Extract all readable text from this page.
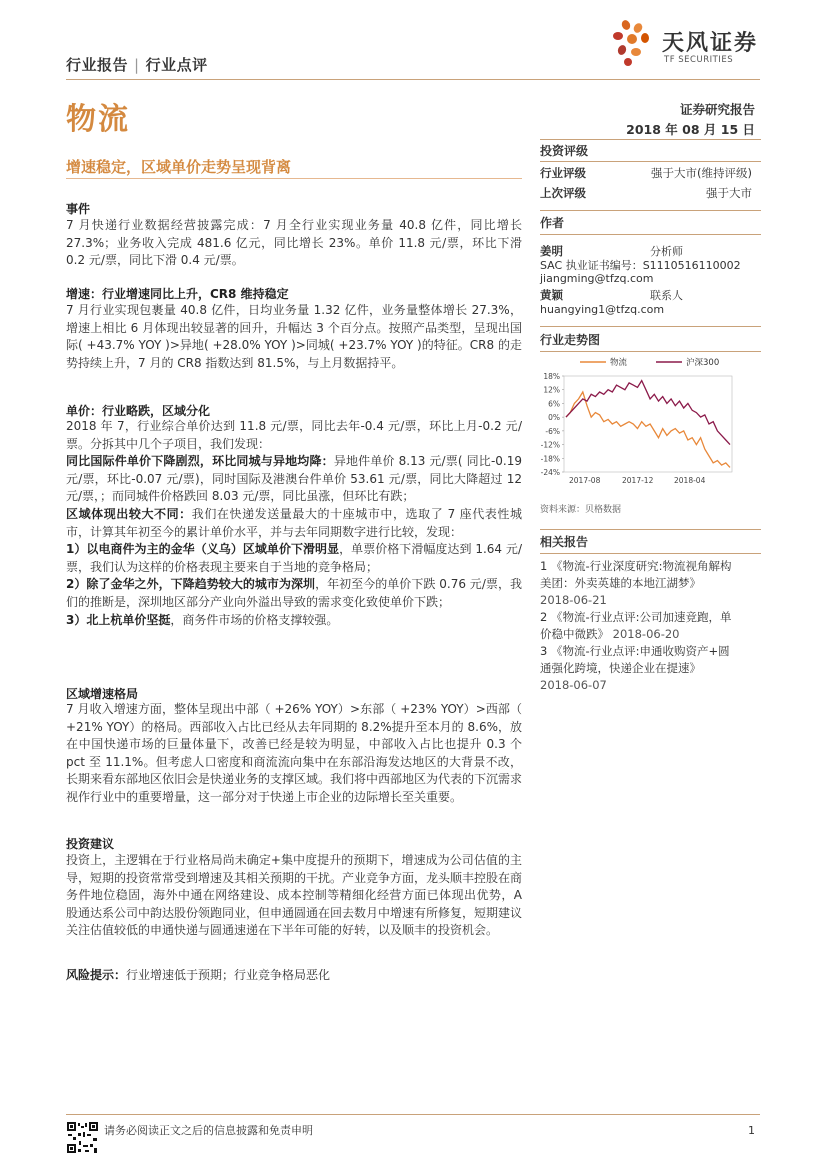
行业报告 | 行业点评
天风证券
TF SECURITIES
物流	证券研究报告
2018 年 08 月 15 日
增速稳定，区域单价走势呈现背离
投资评级
行业评级	强于大市(维持评级)
上次评级	强于大市
作者
姜明	分析师
SAC 执业证书编号：S1110516110002
jiangming@tfzq.com
黄颖	联系人
huangying1@tfzq.com
行业走势图
18%
12%
6%
0%
-6%
-12%
-18%
-24%
2017-08	2017-12	2018-04
物流	沪深300
资料来源：贝格数据
相关报告
1 《物流-行业深度研究:物流视角解构
美团：外卖英雄的本地江湖梦》
2018-06-21
2 《物流-行业点评:公司加速竞跑，单
价稳中微跌》 2018-06-20
3 《物流-行业点评:申通收购资产+圆
通强化跨境，快递企业在提速》
2018-06-07
事件
7 月快递行业数据经营披露完成：7 月全行业实现业务量 40.8 亿件，同比增长 27.3%；业务收入完成 481.6 亿元，同比增长 23%。单价 11.8 元/票，环比下滑 0.2 元/票，同比下滑 0.4 元/票。
增速：行业增速同比上升，CR8 维持稳定
7 月行业实现包裹量 40.8 亿件，日均业务量 1.32 亿件，业务量整体增长 27.3%，增速上相比 6 月体现出较显著的回升，升幅达 3 个百分点。按照产品类型，呈现出国际( +43.7% YOY )>异地( +28.0% YOY )>同城( +23.7% YOY )的特征。CR8 的走势持续上升，7 月的 CR8 指数达到 81.5%，与上月数据持平。
单价：行业略跌，区域分化
2018 年 7，行业综合单价达到 11.8 元/票，同比去年-0.4 元/票，环比上月-0.2 元/票。分拆其中几个子项目，我们发现：
同比国际件单价下降剧烈，环比同城与异地均降：异地件单价 8.13 元/票( 同比-0.19 元/票，环比-0.07 元/票)，同时国际及港澳台件单价 53.61 元/票，同比大降超过 12 元/票，；而同城件价格跌回 8.03 元/票，同比虽涨，但环比有跌；
区域体现出较大不同：我们在快递发送量最大的十座城市中，选取了 7 座代表性城市，计算其年初至今的累计单价水平，并与去年同期数字进行比较，发现：
1）以电商件为主的金华（义乌）区域单价下滑明显，单票价格下滑幅度达到 1.64 元/票，我们认为这样的价格表现主要来自于当地的竞争格局；
2）除了金华之外，下降趋势较大的城市为深圳，年初至今的单价下跌 0.76 元/票，我们的推断是，深圳地区部分产业向外溢出导致的需求变化致使单价下跌；
3）北上杭单价坚挺，商务件市场的价格支撑较强。
区域增速格局
7 月收入增速方面，整体呈现出中部（ +26% YOY）>东部（ +23% YOY）>西部（ +21% YOY）的格局。西部收入占比已经从去年同期的 8.2%提升至本月的 8.6%，放在中国快递市场的巨量体量下，改善已经是较为明显，中部收入占比也提升 0.3 个 pct 至 11.1%。但考虑人口密度和商流流向集中在东部沿海发达地区的大背景不改，长期来看东部地区依旧会是快递业务的支撑区域。我们将中西部地区为代表的下沉需求视作行业中的重要增量，这一部分对于快递上市企业的边际增长至关重要。
投资建议
投资上，主逻辑在于行业格局尚未确定+集中度提升的预期下，增速成为公司估值的主导，短期的投资常常受到增速及其相关预期的干扰。产业竞争方面，龙头顺丰控股在商务件地位稳固，海外中通在网络建设、成本控制等精细化经营方面已体现出优势，A 股通达系公司中韵达股份领跑同业，但申通圆通在回去数月中增速有所修复，短期建议关注估值较低的申通快递与圆通速递在下半年可能的好转，以及顺丰的投资机会。
风险提示：行业增速低于预期；行业竞争格局恶化
请务必阅读正文之后的信息披露和免责申明	1
